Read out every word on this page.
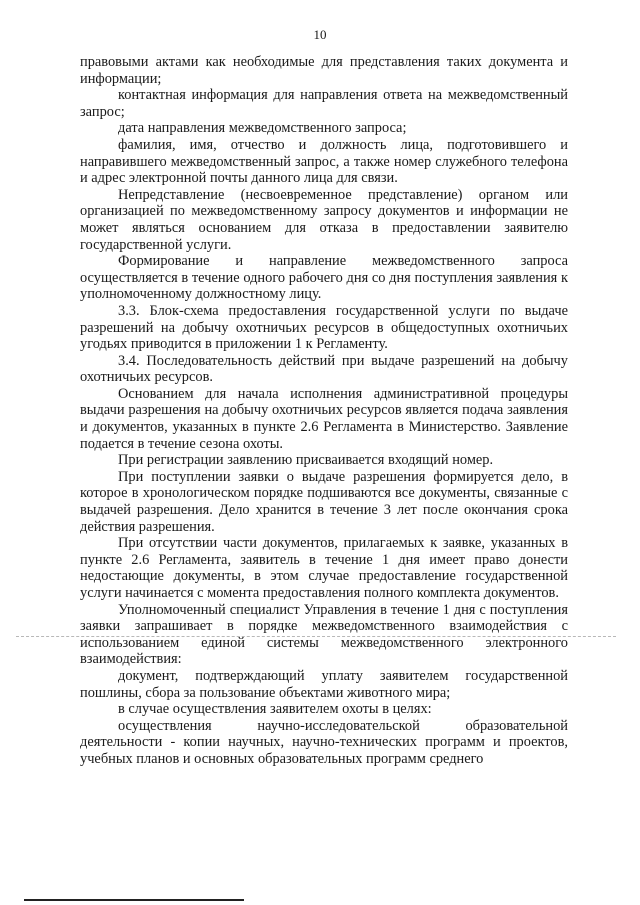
10

правовыми актами как необходимые для представления таких документа и информации;

контактная информация для направления ответа на межведомственный запрос;

дата направления межведомственного запроса;

фамилия, имя, отчество и должность лица, подготовившего и направившего межведомственный запрос, а также номер служебного телефона и адрес электронной почты данного лица для связи.

Непредставление (несвоевременное представление) органом или организацией по межведомственному запросу документов и информации не может являться основанием для отказа в предоставлении заявителю государственной услуги.

Формирование и направление межведомственного запроса осуществляется в течение одного рабочего дня со дня поступления заявления к уполномоченному должностному лицу.

3.3. Блок-схема предоставления государственной услуги по выдаче разрешений на добычу охотничьих ресурсов в общедоступных охотничьих угодьях приводится в приложении 1 к Регламенту.

3.4. Последовательность действий при выдаче разрешений на добычу охотничьих ресурсов.

Основанием для начала исполнения административной процедуры выдачи разрешения на добычу охотничьих ресурсов является подача заявления и документов, указанных в пункте 2.6 Регламента в Министерство. Заявление подается в течение сезона охоты.

При регистрации заявлению присваивается входящий номер.

При поступлении заявки о выдаче разрешения формируется дело, в которое в хронологическом порядке подшиваются все документы, связанные с выдачей разрешения. Дело хранится в течение 3 лет после окончания срока действия разрешения.

При отсутствии части документов, прилагаемых к заявке, указанных в пункте 2.6 Регламента, заявитель в течение 1 дня имеет право донести недостающие документы, в этом случае предоставление государственной услуги начинается с момента предоставления полного комплекта документов.

Уполномоченный специалист Управления в течение 1 дня с поступления заявки запрашивает в порядке межведомственного взаимодействия с использованием единой системы межведомственного электронного взаимодействия:

документ, подтверждающий уплату заявителем государственной пошлины, сбора за пользование объектами животного мира;

в случае осуществления заявителем охоты в целях:

осуществления научно-исследовательской образовательной деятельности - копии научных, научно-технических программ и проектов, учебных планов и основных образовательных программ среднего
